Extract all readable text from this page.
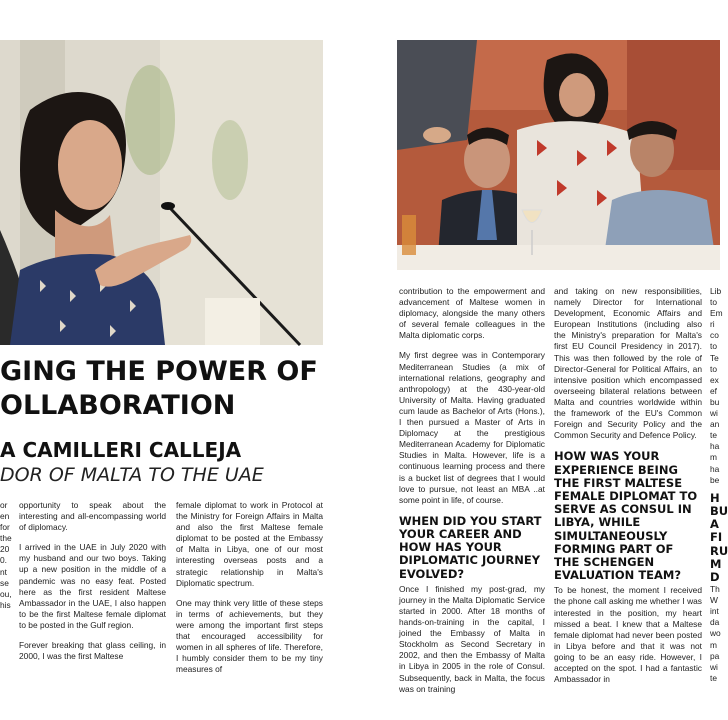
GING THE POWER OF
OLLABORATION
A CAMILLERI CALLEJA
DOR OF MALTA TO THE UAE
or
en
for
the
20
0.
nt
se
ou,
his

opportunity to speak about the interesting and all-encompassing world of diplomacy.

I arrived in the UAE in July 2020 with my husband and our two boys. Taking up a new position in the middle of a pandemic was no easy feat. Posted here as the first resident Maltese Ambassador in the UAE, I also happen to be the first Maltese female diplomat to be posted in the Gulf region.

Forever breaking that glass ceiling, in 2000, I was the first Maltese

female diplomat to work in Protocol at the Ministry for Foreign Affairs in Malta and also the first Maltese female diplomat to be posted at the Embassy of Malta in Libya, one of our most interesting overseas posts and a strategic relationship in Malta's Diplomatic spectrum.

One may think very little of these steps in terms of achievements, but they were among the important first steps that encouraged accessibility for women in all spheres of life. Therefore, I humbly consider them to be my tiny measures of

contribution to the empowerment and advancement of Maltese women in diplomacy, alongside the many others of several female colleagues in the Malta diplomatic corps.

My first degree was in Contemporary Mediterranean Studies (a mix of international relations, geography and anthropology) at the 430-year-old University of Malta. Having graduated cum laude as Bachelor of Arts (Hons.), I then pursued a Master of Arts in Diplomacy at the prestigious Mediterranean Academy for Diplomatic Studies in Malta. However, life is a continuous learning process and there is a bucket list of degrees that I would love to pursue, not least an MBA ..at some point in life, of course.

WHEN DID YOU START YOUR CAREER AND HOW HAS YOUR DIPLOMATIC JOURNEY EVOLVED?

Once I finished my post-grad, my journey in the Malta Diplomatic Service started in 2000. After 18 months of hands-on-training in the capital, I joined the Embassy of Malta in Stockholm as Second Secretary in 2002, and then the Embassy of Malta in Libya in 2005 in the role of Consul. Subsequently, back in Malta, the focus was on training

and taking on new responsibilities, namely Director for International Development, Economic Affairs and European Institutions (including also the Ministry's preparation for Malta's first EU Council Presidency in 2017). This was then followed by the role of Director-General for Political Affairs, an intensive position which encompassed overseeing bilateral relations between Malta and countries worldwide within the framework of the EU's Common Foreign and Security Policy and the Common Security and Defence Policy.

HOW WAS YOUR EXPERIENCE BEING THE FIRST MALTESE FEMALE DIPLOMAT TO SERVE AS CONSUL IN LIBYA, WHILE SIMULTANEOUSLY FORMING PART OF THE SCHENGEN EVALUATION TEAM?

To be honest, the moment I received the phone call asking me whether I was interested in the position, my heart missed a beat. I knew that a Maltese female diplomat had never been posted in Libya before and that it was not going to be an easy ride. However, I accepted on the spot. I had a fantastic Ambassador in

Lib
to
Em
ri
co
to
Te
to
ex
ef
bu
wi
an
te
ha
m
ha
be
H
BU
A
FI
RU
M
D
Th
W
int
da
wo
m
pa
wi
te
